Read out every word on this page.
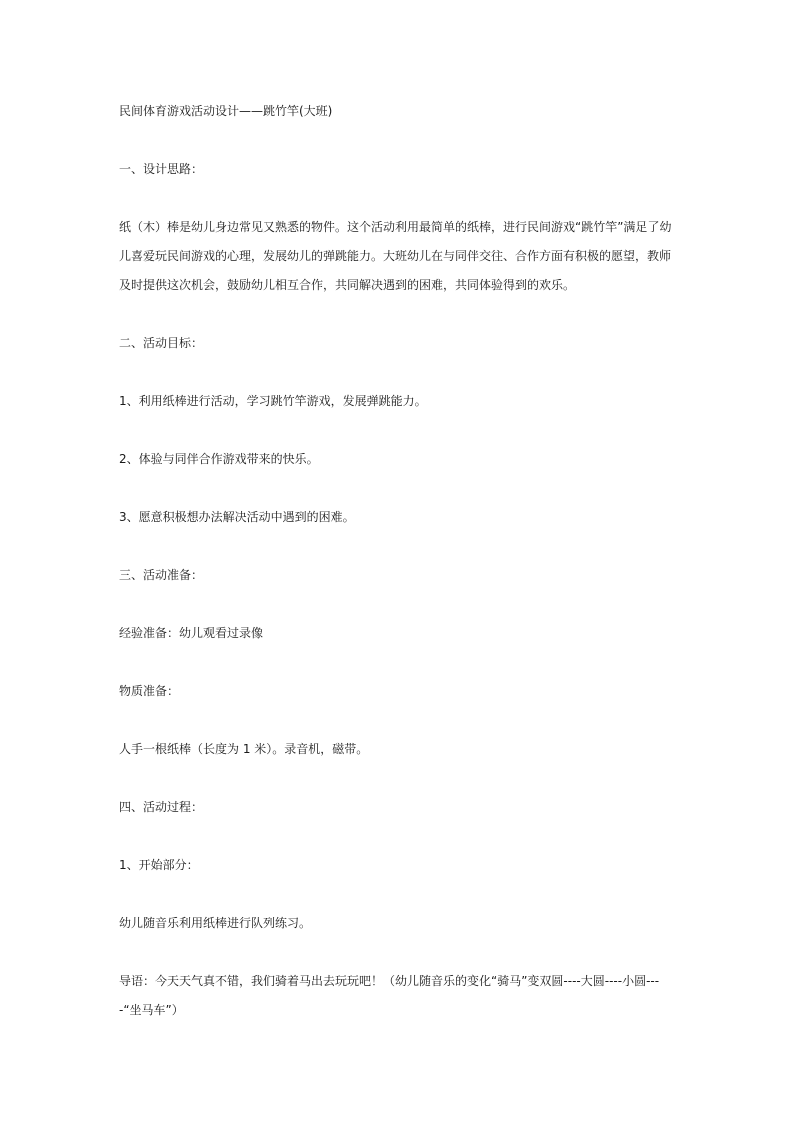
民间体育游戏活动设计——跳竹竿(大班)
一、设计思路：
纸（木）棒是幼儿身边常见又熟悉的物件。这个活动利用最简单的纸棒，进行民间游戏“跳竹竿”满足了幼儿喜爱玩民间游戏的心理，发展幼儿的弹跳能力。大班幼儿在与同伴交往、合作方面有积极的愿望，教师及时提供这次机会，鼓励幼儿相互合作，共同解决遇到的困难，共同体验得到的欢乐。
二、活动目标：
1、利用纸棒进行活动，学习跳竹竿游戏，发展弹跳能力。
2、体验与同伴合作游戏带来的快乐。
3、愿意积极想办法解决活动中遇到的困难。
三、活动准备：
经验准备：幼儿观看过录像
物质准备：
人手一根纸棒（长度为 1 米）。录音机，磁带。
四、活动过程：
1、开始部分：
幼儿随音乐利用纸棒进行队列练习。
导语：今天天气真不错，我们骑着马出去玩玩吧！（幼儿随音乐的变化“骑马”变双圆----大圆----小圆----“坐马车”）
